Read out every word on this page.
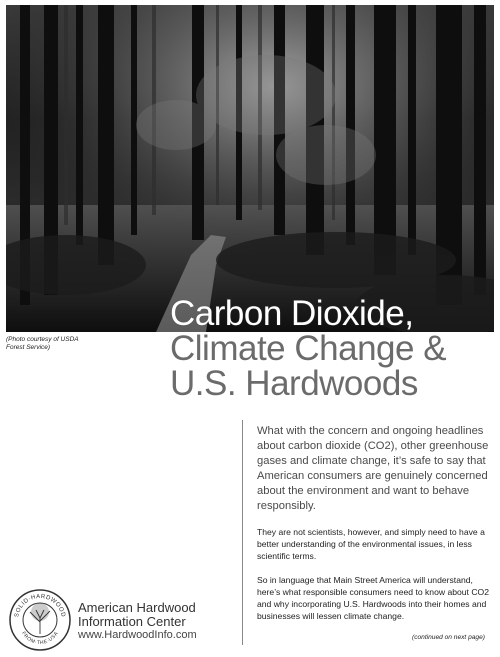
(Photo courtesy of USDA Forest Service)
Carbon Dioxide,
Climate Change &
U.S. Hardwoods

What with the concern and ongoing headlines about carbon dioxide (CO2), other greenhouse gases and climate change, it’s safe to say that American consumers are genuinely concerned about the environment and want to behave responsibly.

They are not scientists, however, and simply need to have a better understanding of the environmental issues, in less scientific terms.

So in language that Main Street America will understand, here’s what responsible consumers need to know about CO2 and why incorporating U.S. Hardwoods into their homes and businesses will lessen climate change.

SOLID·HARDWOOD
FROM·THE·USA
American Hardwood
Information Center
www.HardwoodInfo.com	(continued on next page)
